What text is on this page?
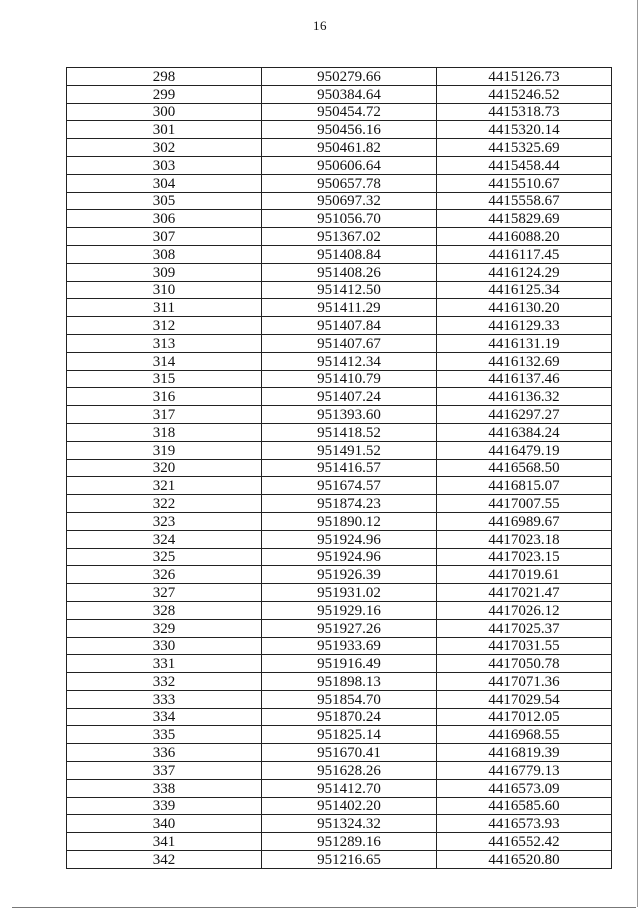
16
298	950279.66	4415126.73
299	950384.64	4415246.52
300	950454.72	4415318.73
301	950456.16	4415320.14
302	950461.82	4415325.69
303	950606.64	4415458.44
304	950657.78	4415510.67
305	950697.32	4415558.67
306	951056.70	4415829.69
307	951367.02	4416088.20
308	951408.84	4416117.45
309	951408.26	4416124.29
310	951412.50	4416125.34
311	951411.29	4416130.20
312	951407.84	4416129.33
313	951407.67	4416131.19
314	951412.34	4416132.69
315	951410.79	4416137.46
316	951407.24	4416136.32
317	951393.60	4416297.27
318	951418.52	4416384.24
319	951491.52	4416479.19
320	951416.57	4416568.50
321	951674.57	4416815.07
322	951874.23	4417007.55
323	951890.12	4416989.67
324	951924.96	4417023.18
325	951924.96	4417023.15
326	951926.39	4417019.61
327	951931.02	4417021.47
328	951929.16	4417026.12
329	951927.26	4417025.37
330	951933.69	4417031.55
331	951916.49	4417050.78
332	951898.13	4417071.36
333	951854.70	4417029.54
334	951870.24	4417012.05
335	951825.14	4416968.55
336	951670.41	4416819.39
337	951628.26	4416779.13
338	951412.70	4416573.09
339	951402.20	4416585.60
340	951324.32	4416573.93
341	951289.16	4416552.42
342	951216.65	4416520.80
